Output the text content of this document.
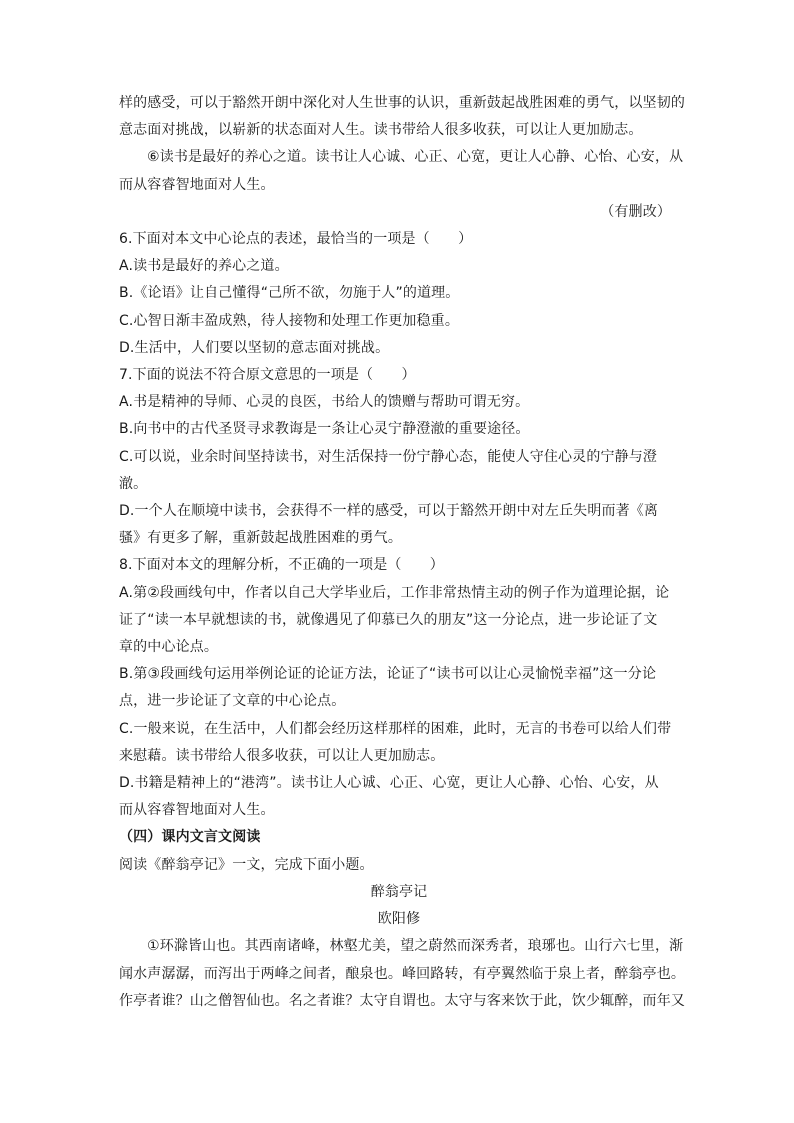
样的感受，可以于豁然开朗中深化对人生世事的认识，重新鼓起战胜困难的勇气，以坚韧的
意志面对挑战，以崭新的状态面对人生。读书带给人很多收获，可以让人更加励志。
⑥读书是最好的养心之道。读书让人心诚、心正、心宽，更让人心静、心怡、心安，从
而从容睿智地面对人生。
（有删改）
6.下面对本文中心论点的表述，最恰当的一项是（　　）
A.读书是最好的养心之道。
B.《论语》让自己懂得“己所不欲，勿施于人”的道理。
C.心智日渐丰盈成熟，待人接物和处理工作更加稳重。
D.生活中，人们要以坚韧的意志面对挑战。
7.下面的说法不符合原文意思的一项是（　　）
A.书是精神的导师、心灵的良医，书给人的馈赠与帮助可谓无穷。
B.向书中的古代圣贤寻求教诲是一条让心灵宁静澄澈的重要途径。
C.可以说，业余时间坚持读书，对生活保持一份宁静心态，能使人守住心灵的宁静与澄
澈。
D.一个人在顺境中读书，会获得不一样的感受，可以于豁然开朗中对左丘失明而著《离
骚》有更多了解，重新鼓起战胜困难的勇气。
8.下面对本文的理解分析，不正确的一项是（　　）
A.第②段画线句中，作者以自己大学毕业后，工作非常热情主动的例子作为道理论据，论
证了“读一本早就想读的书，就像遇见了仰慕已久的朋友”这一分论点，进一步论证了文
章的中心论点。
B.第③段画线句运用举例论证的论证方法，论证了“读书可以让心灵愉悦幸福”这一分论
点，进一步论证了文章的中心论点。
C.一般来说，在生活中，人们都会经历这样那样的困难，此时，无言的书卷可以给人们带
来慰藉。读书带给人很多收获，可以让人更加励志。
D.书籍是精神上的“港湾”。读书让人心诚、心正、心宽，更让人心静、心怡、心安，从
而从容睿智地面对人生。
（四）课内文言文阅读
阅读《醉翁亭记》一文，完成下面小题。
醉翁亭记
欧阳修
①环滁皆山也。其西南诸峰，林壑尤美，望之蔚然而深秀者，琅琊也。山行六七里，渐
闻水声潺潺，而泻出于两峰之间者，酿泉也。峰回路转，有亭翼然临于泉上者，醉翁亭也。
作亭者谁？山之僧智仙也。名之者谁？太守自谓也。太守与客来饮于此，饮少辄醉，而年又
